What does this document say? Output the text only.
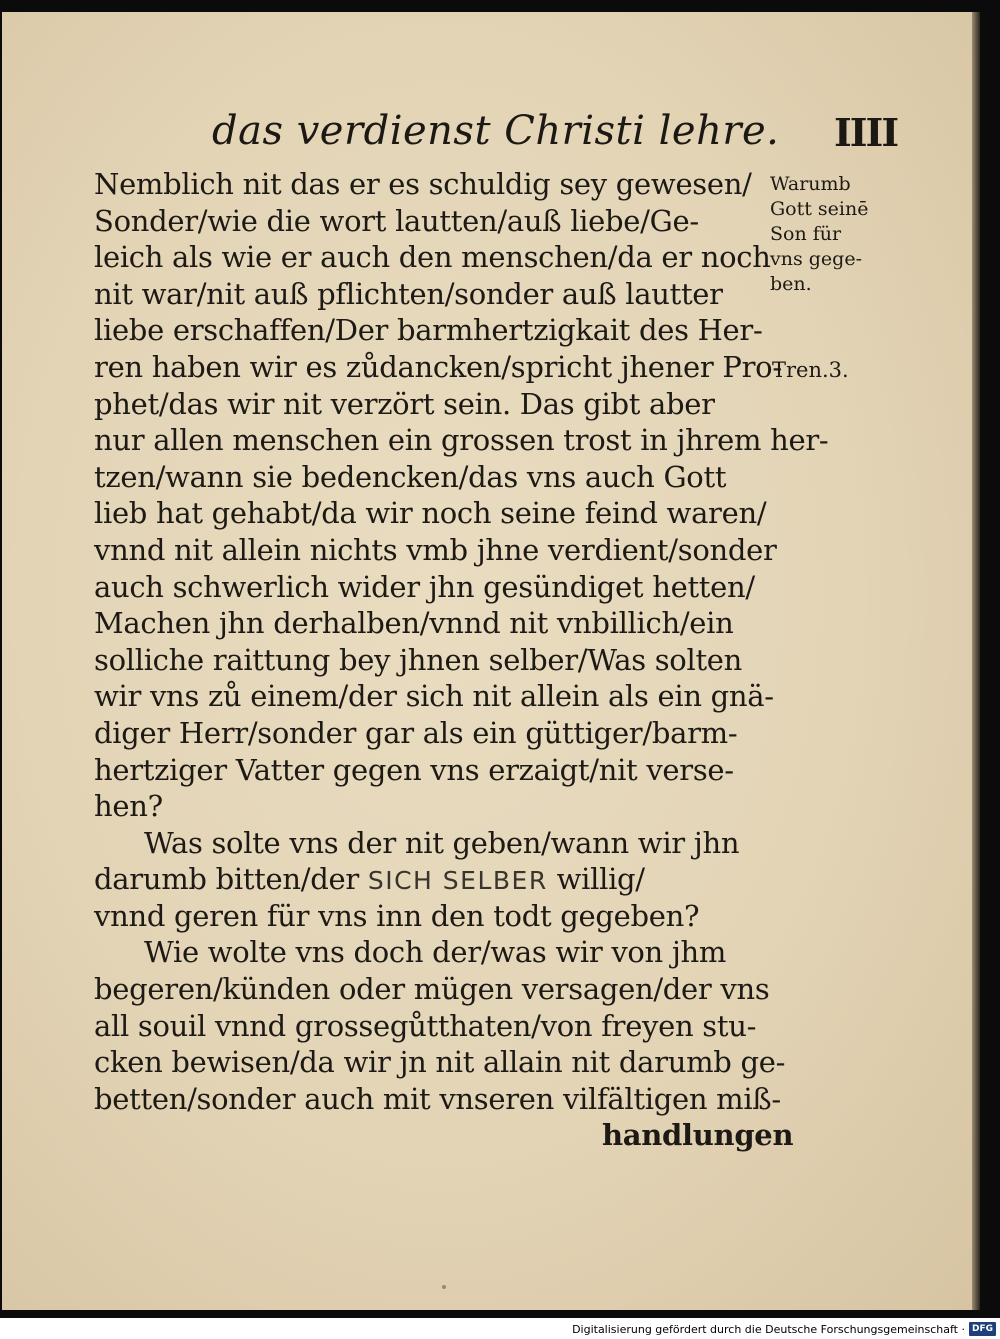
das verdienst Christi lehre. IIII
Nemblich nit das er es schuldig sey gewesen/
Sonder/wie die wort lautten/auß liebe/Ge-
leich als wie er auch den menschen/da er noch
nit war/nit auß pflichten/sonder auß lautter
liebe erschaffen/Der barmhertzigkait des Her-
ren haben wir es zůdancken/spricht jhener Pro-
phet/das wir nit verzört sein. Das gibt aber
nur allen menschen ein grossen trost in jhrem her-
tzen/wann sie bedencken/das vns auch Gott
lieb hat gehabt/da wir noch seine feind waren/
vnnd nit allein nichts vmb jhne verdient/sonder
auch schwerlich wider jhn gesündiget hetten/
Machen jhn derhalben/vnnd nit vnbillich/ein
solliche raittung bey jhnen selber/Was solten
wir vns zů einem/der sich nit allein als ein gnä-
diger Herr/sonder gar als ein güttiger/barm-
hertziger Vatter gegen vns erzaigt/nit verse-
hen?
Was solte vns der nit geben/wann wir jhn
darumb bitten/der SICH SELBER willig/
vnnd geren für vns inn den todt gegeben?
Wie wolte vns doch der/was wir von jhm
begeren/künden oder mügen versagen/der vns
all souil vnnd grossegůtthaten/von freyen stu-
cken bewisen/da wir jn nit allain nit darumb ge-
betten/sonder auch mit vnseren vilfältigen miß-
handlungen
Warumb
Gott seinē
Son für
vns gege-
ben.
Tren.3.
Digitalisierung gefördert durch die Deutsche Forschungsgemeinschaft · DFG
